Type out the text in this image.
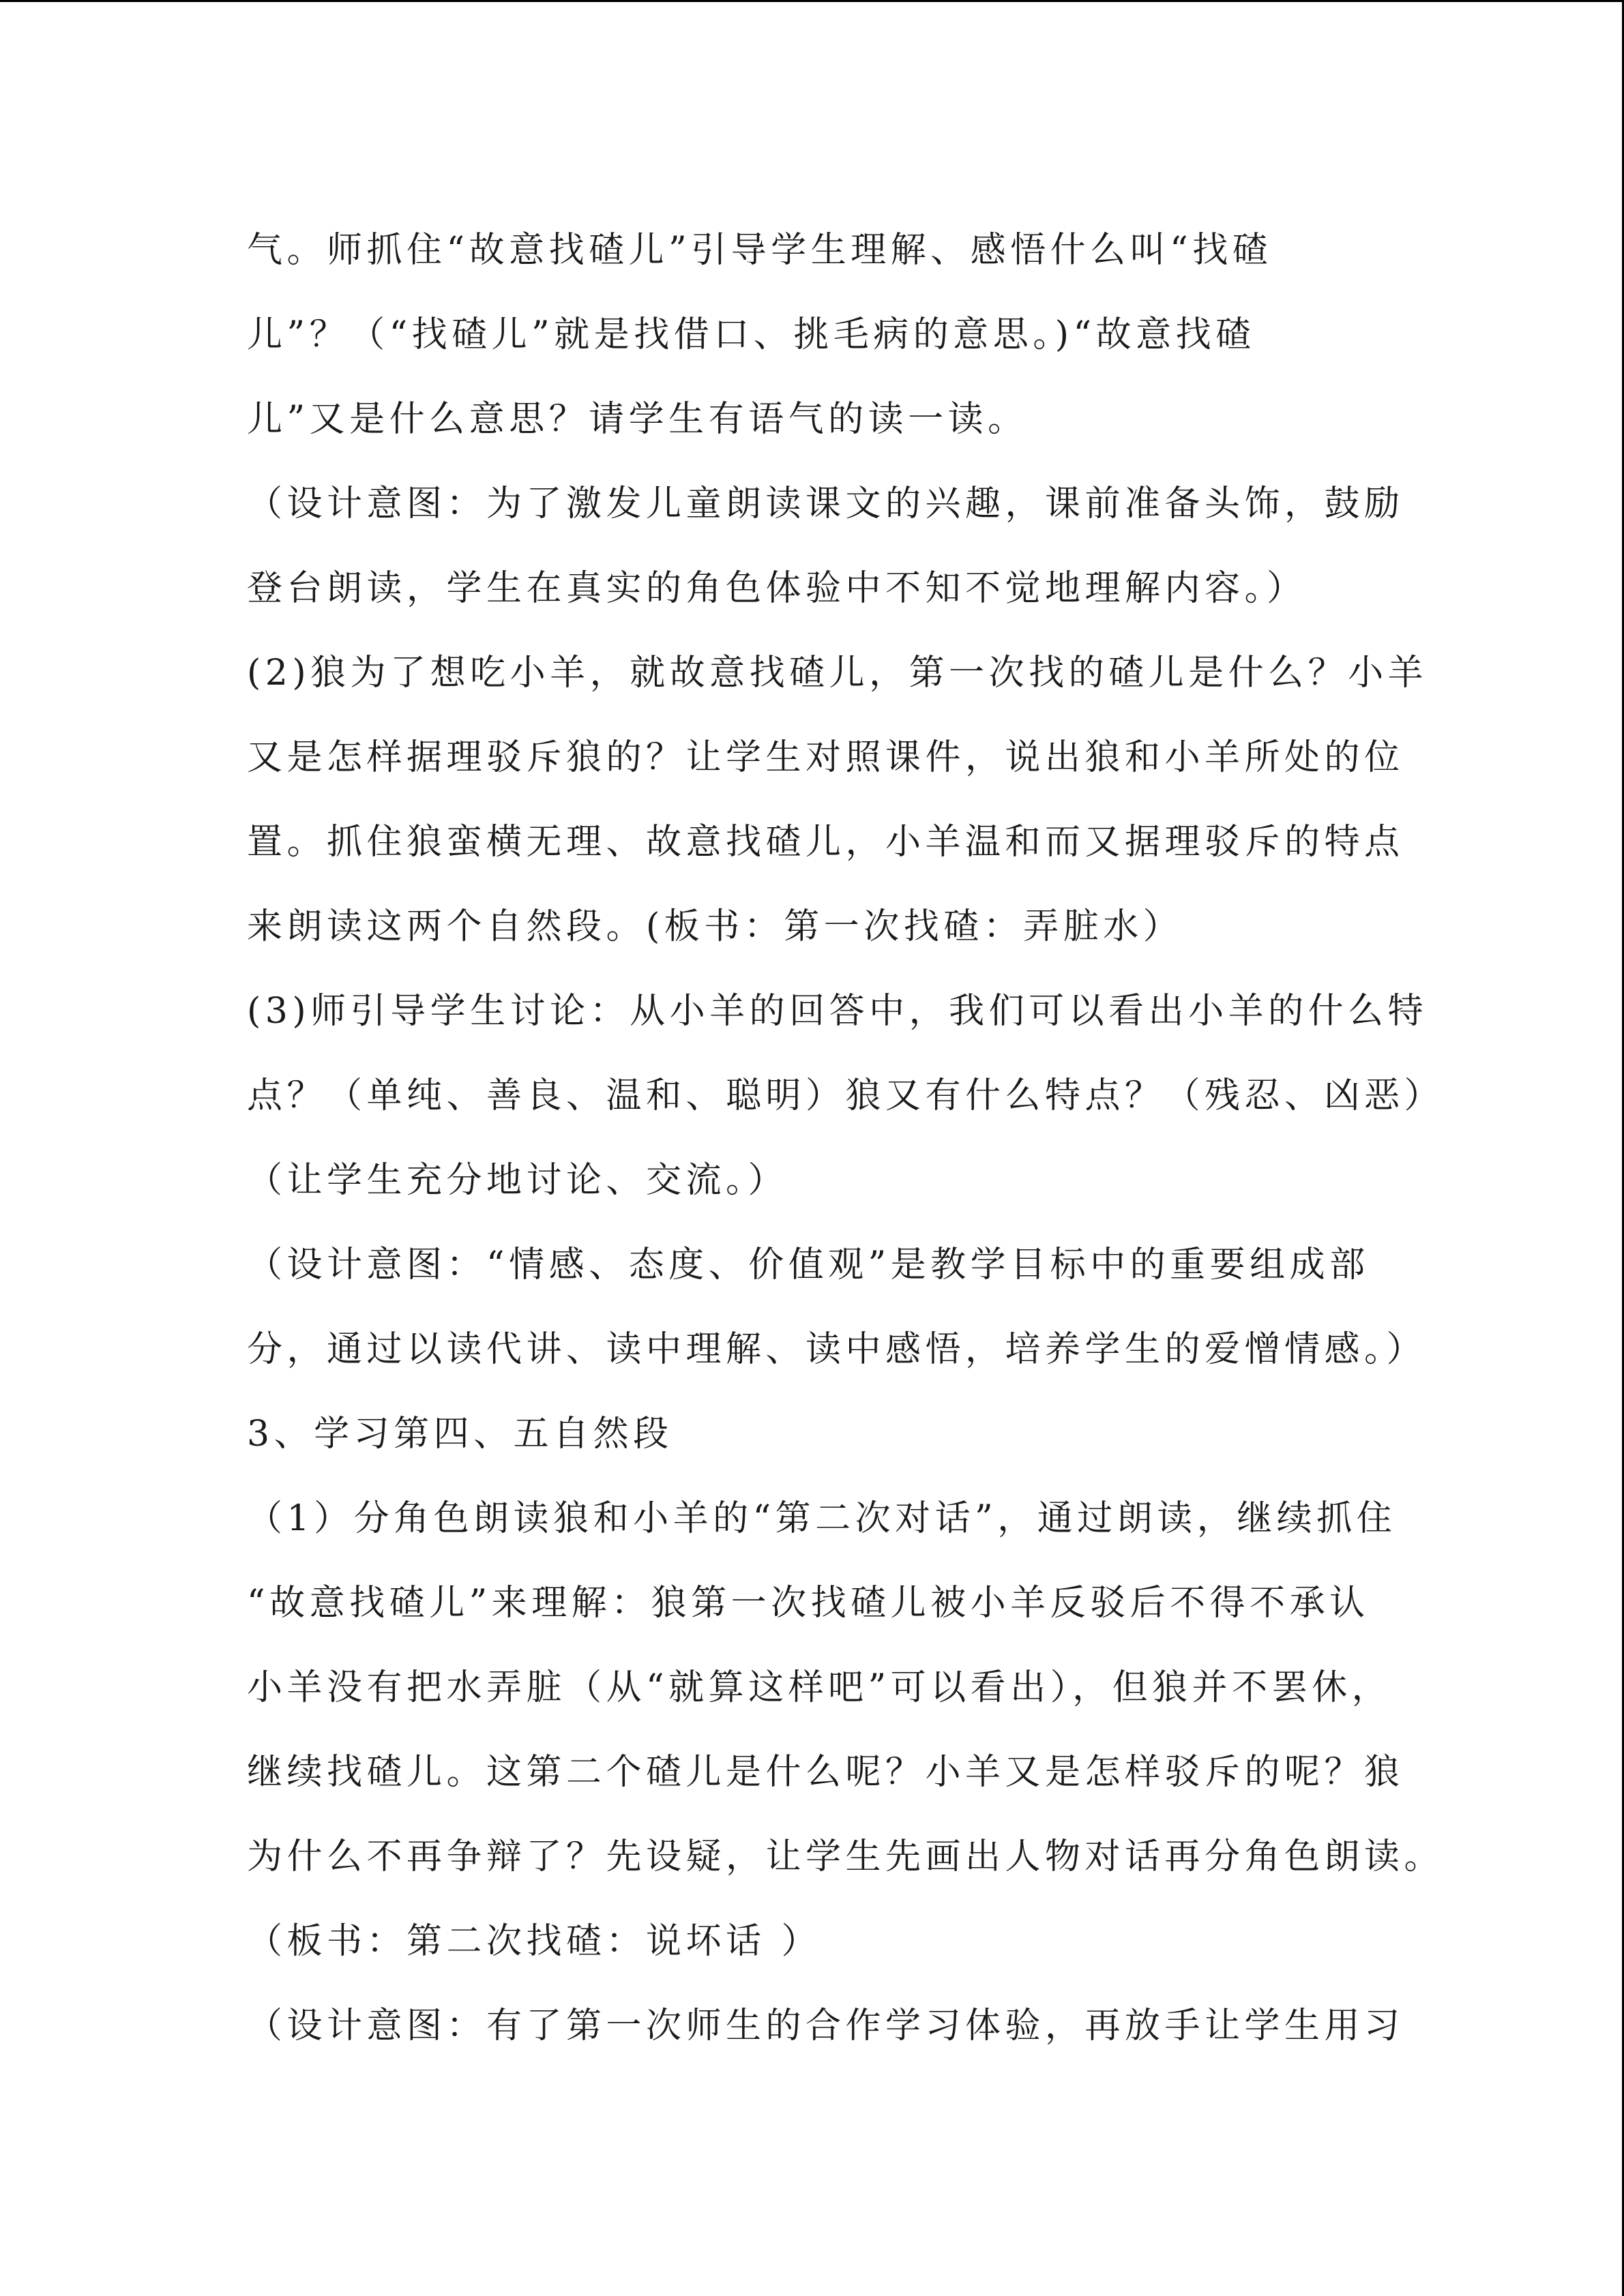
气。师抓住“故意找碴儿”引导学生理解、感悟什么叫“找碴
儿”？（“找碴儿”就是找借口、挑毛病的意思。)“故意找碴
儿”又是什么意思？请学生有语气的读一读。
（设计意图：为了激发儿童朗读课文的兴趣，课前准备头饰，鼓励
登台朗读，学生在真实的角色体验中不知不觉地理解内容。）
(2)狼为了想吃小羊，就故意找碴儿，第一次找的碴儿是什么？小羊
又是怎样据理驳斥狼的？让学生对照课件，说出狼和小羊所处的位
置。抓住狼蛮横无理、故意找碴儿，小羊温和而又据理驳斥的特点
来朗读这两个自然段。(板书：第一次找碴：弄脏水）
(3)师引导学生讨论：从小羊的回答中，我们可以看出小羊的什么特
点？（单纯、善良、温和、聪明）狼又有什么特点？（残忍、凶恶）
（让学生充分地讨论、交流。）
（设计意图：“情感、态度、价值观”是教学目标中的重要组成部
分，通过以读代讲、读中理解、读中感悟，培养学生的爱憎情感。）
3、学习第四、五自然段
（1）分角色朗读狼和小羊的“第二次对话”，通过朗读，继续抓住
“故意找碴儿”来理解：狼第一次找碴儿被小羊反驳后不得不承认
小羊没有把水弄脏（从“就算这样吧”可以看出），但狼并不罢休，
继续找碴儿。这第二个碴儿是什么呢？小羊又是怎样驳斥的呢？狼
为什么不再争辩了？先设疑，让学生先画出人物对话再分角色朗读。
（板书：第二次找碴：说坏话 ）
（设计意图：有了第一次师生的合作学习体验，再放手让学生用习
